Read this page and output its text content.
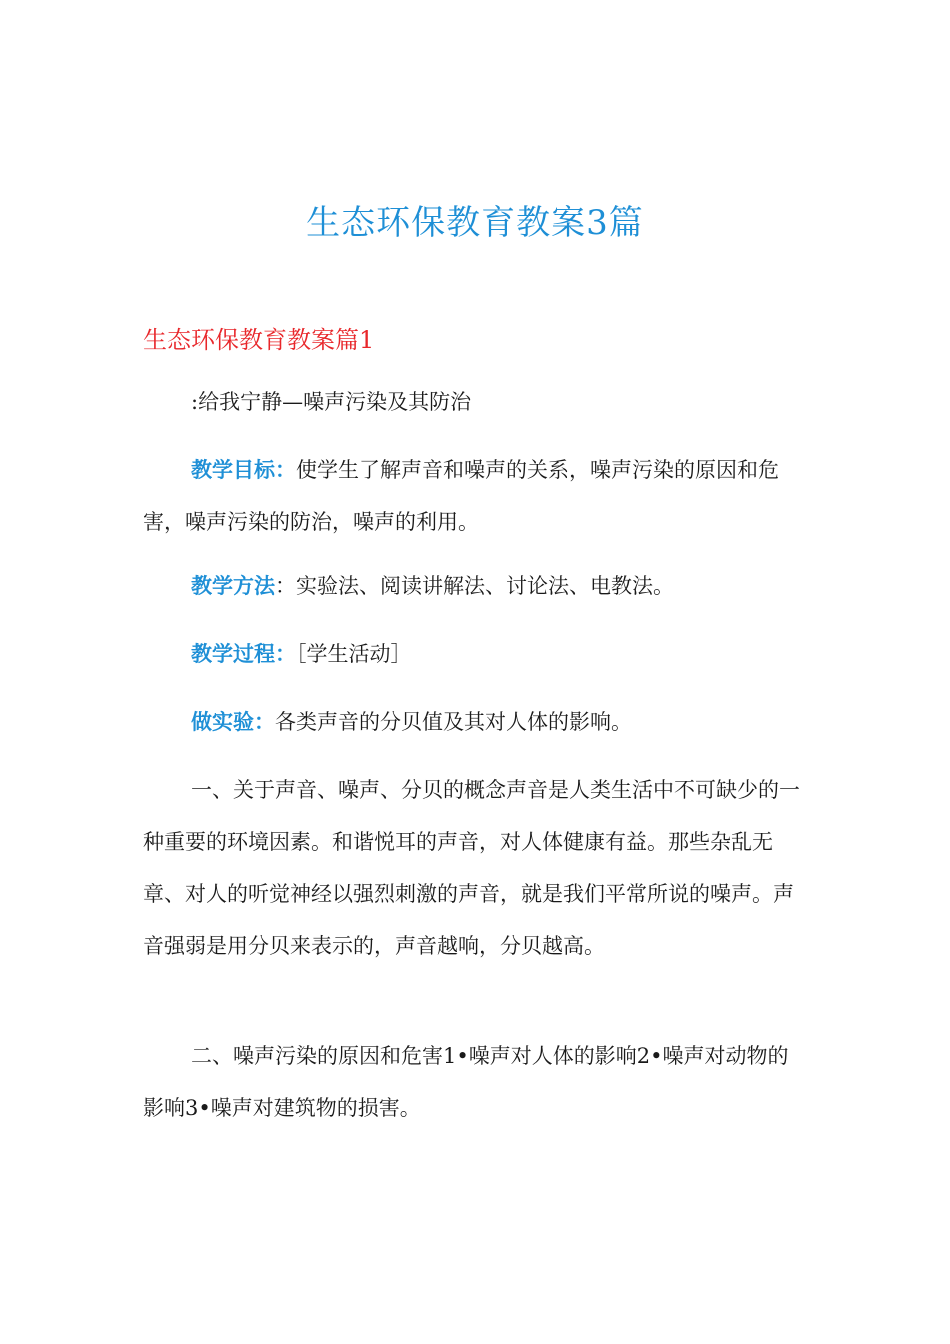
生态环保教育教案3篇
生态环保教育教案篇1

:给我宁静—噪声污染及其防治

教学目标：使学生了解声音和噪声的关系，噪声污染的原因和危害，噪声污染的防治，噪声的利用。

教学方法：实验法、阅读讲解法、讨论法、电教法。

教学过程：［学生活动］

做实验：各类声音的分贝值及其对人体的影响。

一、关于声音、噪声、分贝的概念声音是人类生活中不可缺少的一种重要的环境因素。和谐悦耳的声音，对人体健康有益。那些杂乱无章、对人的听觉神经以强烈刺激的声音，就是我们平常所说的噪声。声音强弱是用分贝来表示的，声音越响，分贝越高。

二、噪声污染的原因和危害1•噪声对人体的影响2•噪声对动物的影响3•噪声对建筑物的损害。
